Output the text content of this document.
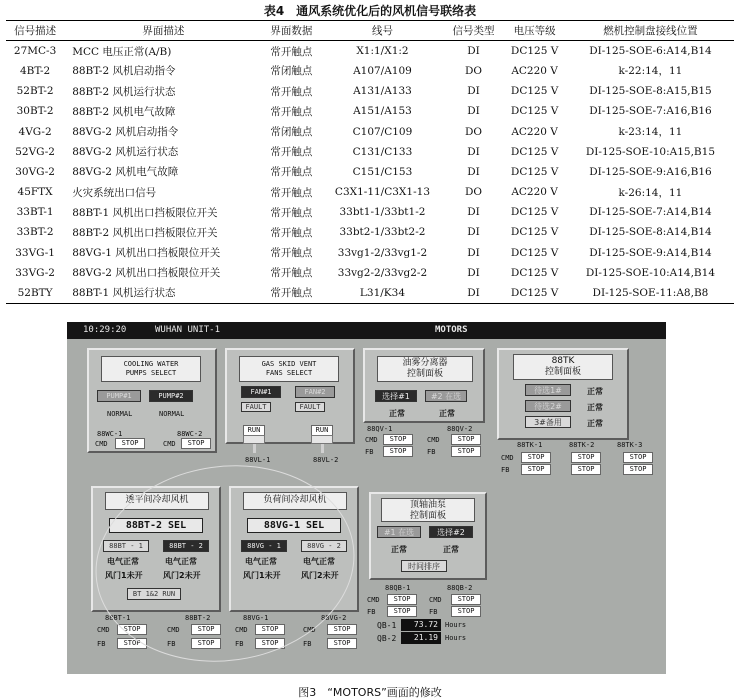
表4　通风系统优化后的风机信号联络表
信号描述	界面描述	界面数据	线号	信号类型	电压等级	燃机控制盘接线位置
27MC-3	MCC 电压正常(A/B)	常开触点	X1:1/X1:2	DI	DC125 V	DI-125-SOE-6:A14,B14
4BT-2	88BT-2 风机启动指令	常闭触点	A107/A109	DO	AC220 V	k-22:14，11
52BT-2	88BT-2 风机运行状态	常开触点	A131/A133	DI	DC125 V	DI-125-SOE-8:A15,B15
30BT-2	88BT-2 风机电气故障	常开触点	A151/A153	DI	DC125 V	DI-125-SOE-7:A16,B16
4VG-2	88VG-2 风机启动指令	常闭触点	C107/C109	DO	AC220 V	k-23:14，11
52VG-2	88VG-2 风机运行状态	常开触点	C131/C133	DI	DC125 V	DI-125-SOE-10:A15,B15
30VG-2	88VG-2 风机电气故障	常开触点	C151/C153	DI	DC125 V	DI-125-SOE-9:A16,B16
45FTX	火灾系统出口信号	常开触点	C3X1-11/C3X1-13	DO	AC220 V	k-26:14，11
33BT-1	88BT-1 风机出口挡板限位开关	常开触点	33bt1-1/33bt1-2	DI	DC125 V	DI-125-SOE-7:A14,B14
33BT-2	88BT-2 风机出口挡板限位开关	常开触点	33bt2-1/33bt2-2	DI	DC125 V	DI-125-SOE-8:A14,B14
33VG-1	88VG-1 风机出口挡板限位开关	常开触点	33vg1-2/33vg1-2	DI	DC125 V	DI-125-SOE-9:A14,B14
33VG-2	88VG-2 风机出口挡板限位开关	常开触点	33vg2-2/33vg2-2	DI	DC125 V	DI-125-SOE-10:A14,B14
52BTY	88BT-1 风机运行状态	常开触点	L31/K34	DI	DC125 V	DI-125-SOE-11:A8,B8
10:29:20	WUHAN UNIT-1	MOTORS
COOLING WATER
PUMPS SELECT
PUMP#1	PUMP#2
NORMAL	NORMAL
88WC-1	88WC-2
CMD	STOP	CMD	STOP
GAS SKID VENT
FANS SELECT
FAN#1	FAN#2
FAULT	FAULT
RUN	RUN
88VL-1	88VL-2
油雾分离器
控制面板
选择#1	#2 在选
正常	正常
88QV-1	88QV-2
CMD	STOP	CMD	STOP
FB	STOP	FB	STOP
88TK
控制面板
待选1#
待选2#
3#备用
正常
正常
正常
88TK-1	88TK-2	88TK-3
CMD	STOP	STOP	STOP
FB	STOP	STOP	STOP
透平间冷却风机
88BT-2 SEL
88BT - 1	88BT - 2
电气正常	电气正常
风门1未开	风门2未开
BT 1&2 RUN
88BT-1	88BT-2
CMD	STOP	CMD	STOP
FB	STOP	FB	STOP
负荷间冷却风机
88VG-1 SEL
88VG - 1	88VG - 2
电气正常	电气正常
风门1未开	风门2未开
88VG-1	88VG-2
CMD	STOP	CMD	STOP
FB	STOP	FB	STOP
顶轴油泵
控制面板
#1 在选	选择#2
正常	正常
时间排序
88QB-1	88QB-2
CMD	STOP	CMD	STOP
FB	STOP	FB	STOP
QB-1	73.72	Hours
QB-2	21.19	Hours
图3　“MOTORS”画面的修改
